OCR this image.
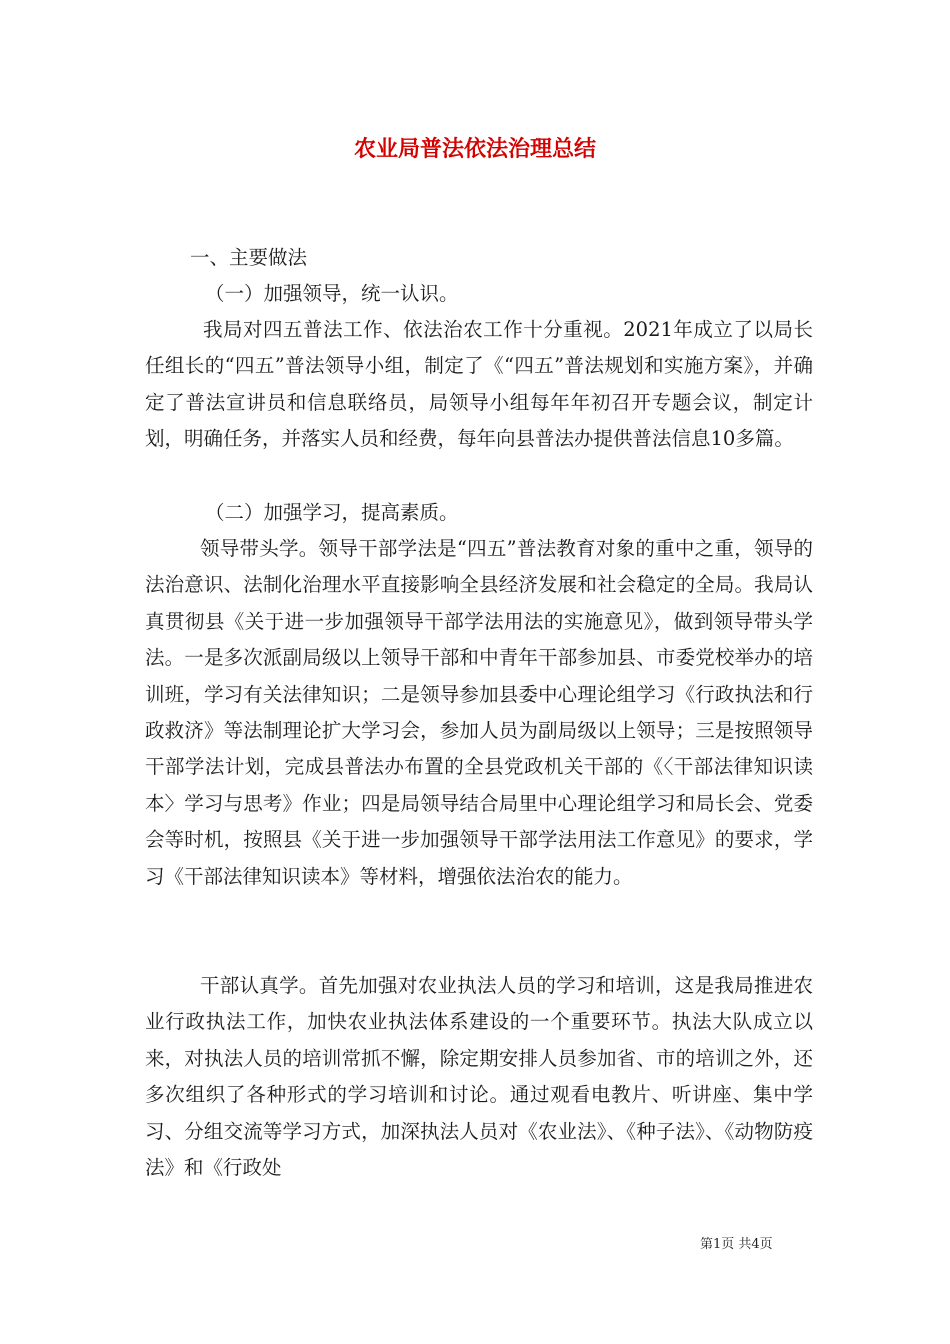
农业局普法依法治理总结

一、主要做法

（一）加强领导，统一认识。

我局对四五普法工作、依法治农工作十分重视。2021年成立了以局长任组长的“四五”普法领导小组，制定了《“四五”普法规划和实施方案》，并确定了普法宣讲员和信息联络员，局领导小组每年年初召开专题会议，制定计划，明确任务，并落实人员和经费，每年向县普法办提供普法信息10多篇。

（二）加强学习，提高素质。

领导带头学。领导干部学法是“四五”普法教育对象的重中之重，领导的法治意识、法制化治理水平直接影响全县经济发展和社会稳定的全局。我局认真贯彻县《关于进一步加强领导干部学法用法的实施意见》，做到领导带头学法。一是多次派副局级以上领导干部和中青年干部参加县、市委党校举办的培训班，学习有关法律知识；二是领导参加县委中心理论组学习《行政执法和行政救济》等法制理论扩大学习会，参加人员为副局级以上领导；三是按照领导干部学法计划，完成县普法办布置的全县党政机关干部的《〈干部法律知识读本〉学习与思考》作业；四是局领导结合局里中心理论组学习和局长会、党委会等时机，按照县《关于进一步加强领导干部学法用法工作意见》的要求，学习《干部法律知识读本》等材料，增强依法治农的能力。

干部认真学。首先加强对农业执法人员的学习和培训，这是我局推进农业行政执法工作，加快农业执法体系建设的一个重要环节。执法大队成立以来，对执法人员的培训常抓不懈，除定期安排人员参加省、市的培训之外，还多次组织了各种形式的学习培训和讨论。通过观看电教片、听讲座、集中学习、分组交流等学习方式，加深执法人员对《农业法》、《种子法》、《动物防疫法》和《行政处

第1页 共4页
